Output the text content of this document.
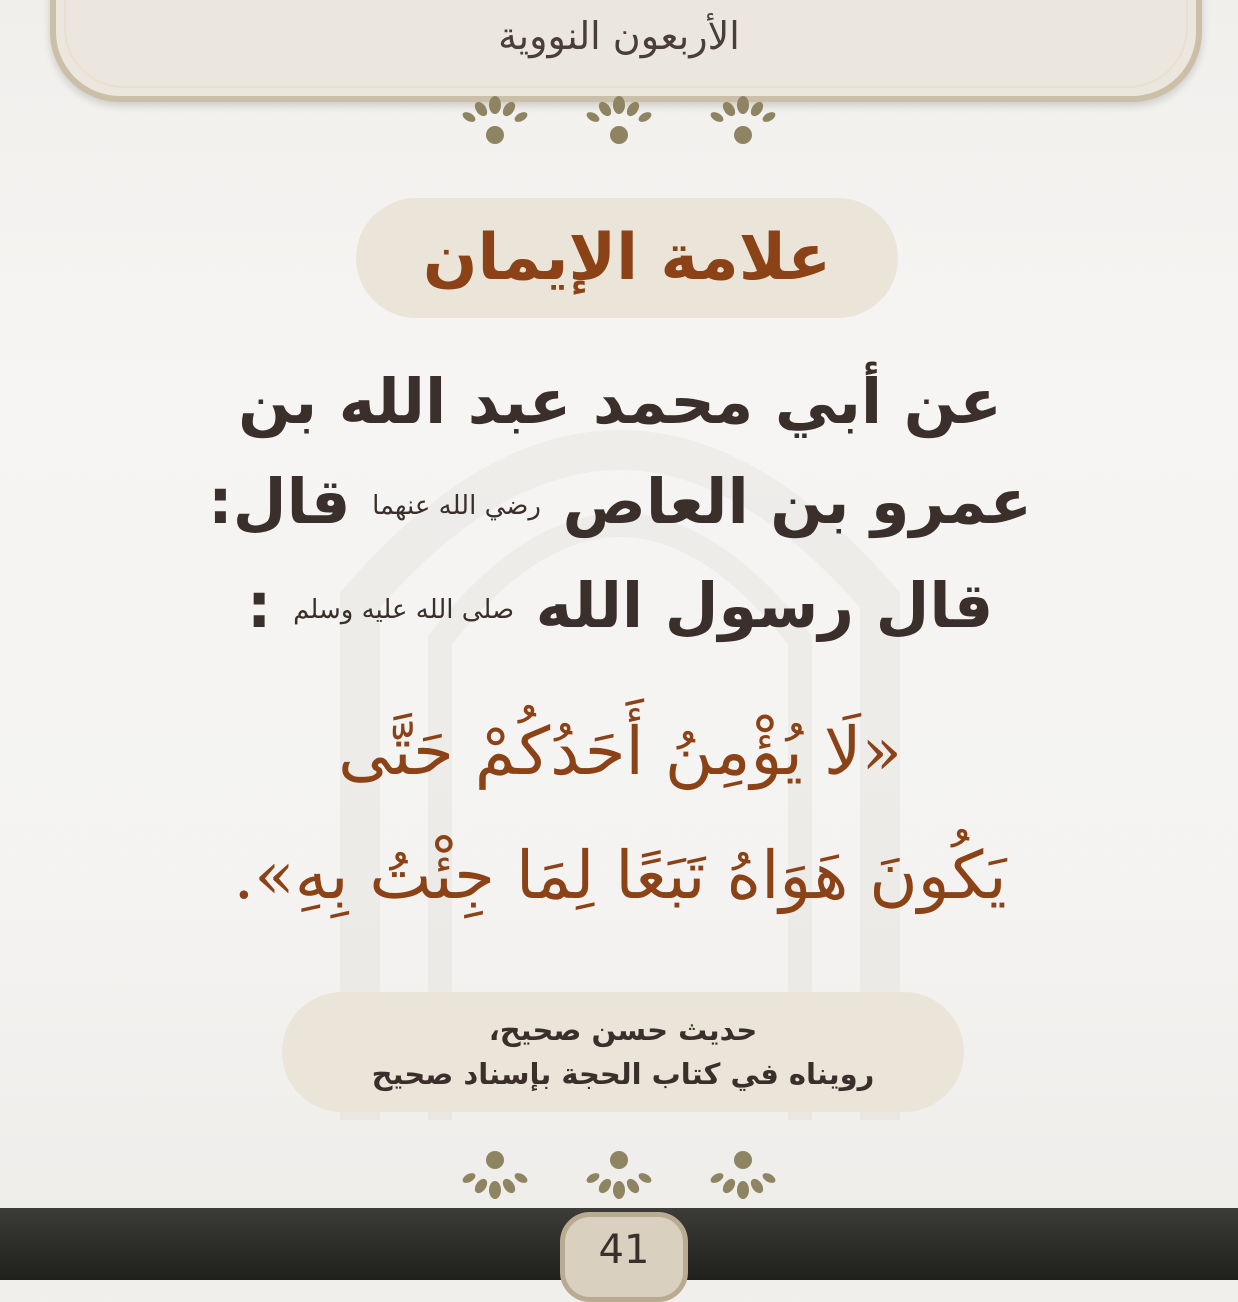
الأربعون النووية
علامة الإيمان
عن أبي محمد عبد الله بن
عمرو بن العاص رضي الله عنهما قال:
قال رسول الله صلى الله عليه وسلم :
«لَا يُؤْمِنُ أَحَدُكُمْ حَتَّى
يَكُونَ هَوَاهُ تَبَعًا لِمَا جِئْتُ بِهِ».
حديث حسن صحيح،
رويناه في كتاب الحجة بإسناد صحيح
41
